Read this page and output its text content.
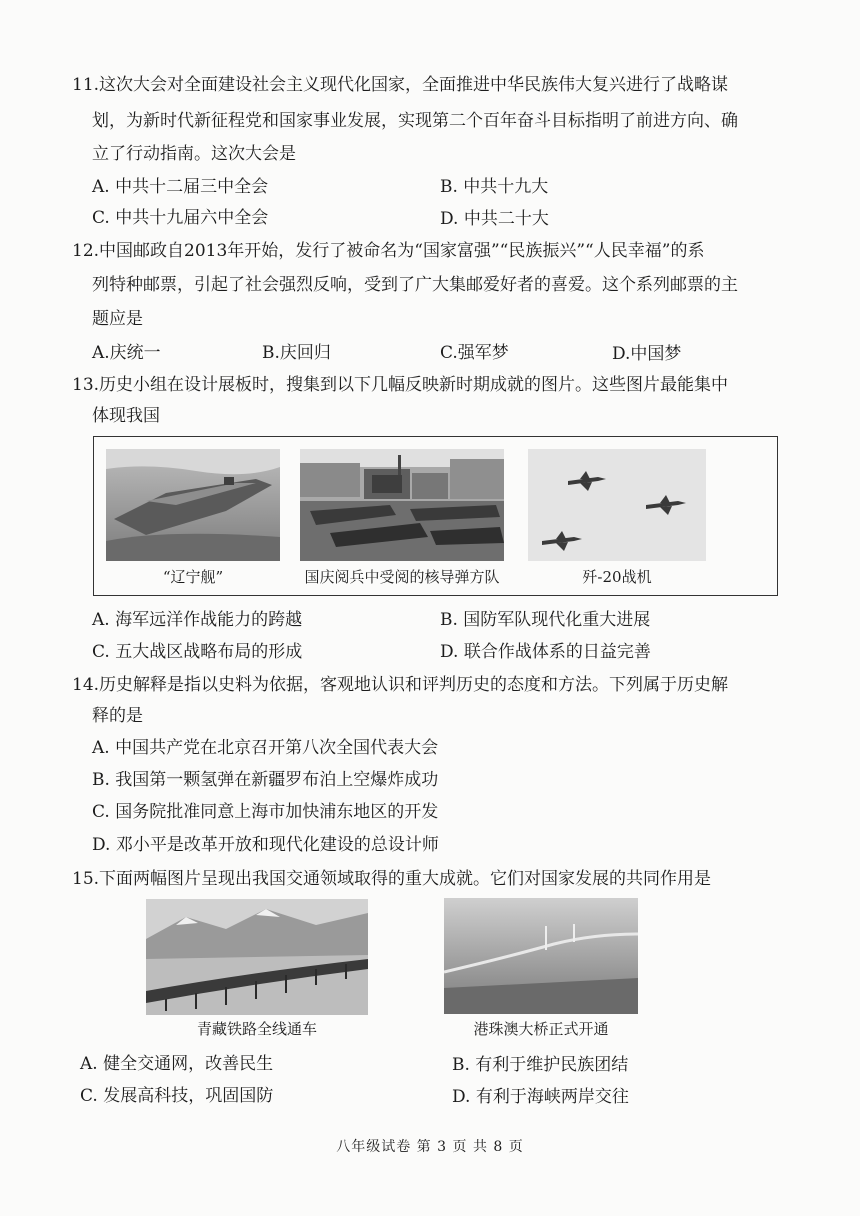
11.这次大会对全面建设社会主义现代化国家，全面推进中华民族伟大复兴进行了战略谋
划，为新时代新征程党和国家事业发展，实现第二个百年奋斗目标指明了前进方向、确
立了行动指南。这次大会是
A. 中共十二届三中全会	B. 中共十九大
C. 中共十九届六中全会	D. 中共二十大
12.中国邮政自2013年开始，发行了被命名为“国家富强”“民族振兴”“人民幸福”的系
列特种邮票，引起了社会强烈反响，受到了广大集邮爱好者的喜爱。这个系列邮票的主
题应是
A.庆统一	B.庆回归	C.强军梦	D.中国梦
13.历史小组在设计展板时，搜集到以下几幅反映新时期成就的图片。这些图片最能集中
体现我国
“辽宁舰”	国庆阅兵中受阅的核导弹方队	歼-20战机
A. 海军远洋作战能力的跨越	B. 国防军队现代化重大进展
C. 五大战区战略布局的形成	D. 联合作战体系的日益完善
14.历史解释是指以史料为依据，客观地认识和评判历史的态度和方法。下列属于历史解
释的是
A. 中国共产党在北京召开第八次全国代表大会
B. 我国第一颗氢弹在新疆罗布泊上空爆炸成功
C. 国务院批准同意上海市加快浦东地区的开发
D. 邓小平是改革开放和现代化建设的总设计师
15.下面两幅图片呈现出我国交通领域取得的重大成就。它们对国家发展的共同作用是
青藏铁路全线通车	港珠澳大桥正式开通
A. 健全交通网，改善民生	B. 有利于维护民族团结
C. 发展高科技，巩固国防	D. 有利于海峡两岸交往
八年级试卷 第 3 页 共 8 页
